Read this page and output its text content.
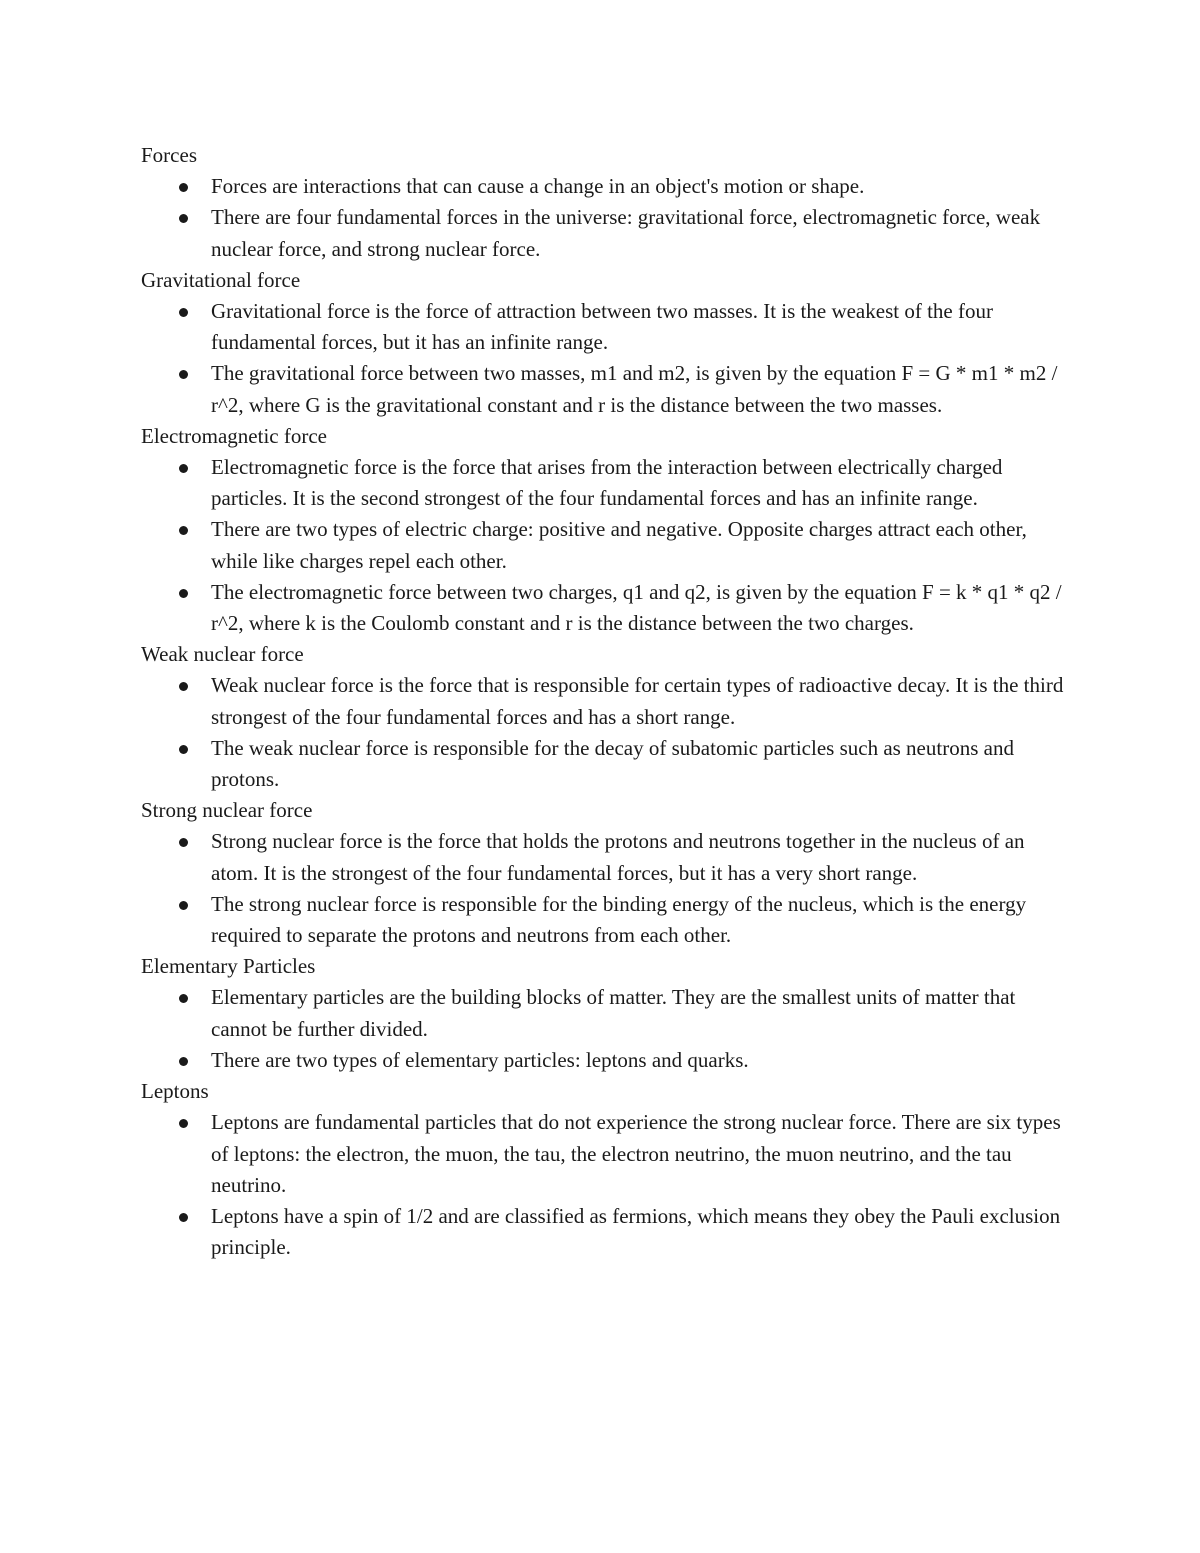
Forces

Forces are interactions that can cause a change in an object's motion or shape.
There are four fundamental forces in the universe: gravitational force, electromagnetic force, weak nuclear force, and strong nuclear force.

Gravitational force

Gravitational force is the force of attraction between two masses. It is the weakest of the four fundamental forces, but it has an infinite range.
The gravitational force between two masses, m1 and m2, is given by the equation F = G * m1 * m2 / r^2, where G is the gravitational constant and r is the distance between the two masses.

Electromagnetic force

Electromagnetic force is the force that arises from the interaction between electrically charged particles. It is the second strongest of the four fundamental forces and has an infinite range.
There are two types of electric charge: positive and negative. Opposite charges attract each other, while like charges repel each other.
The electromagnetic force between two charges, q1 and q2, is given by the equation F = k * q1 * q2 / r^2, where k is the Coulomb constant and r is the distance between the two charges.

Weak nuclear force

Weak nuclear force is the force that is responsible for certain types of radioactive decay. It is the third strongest of the four fundamental forces and has a short range.
The weak nuclear force is responsible for the decay of subatomic particles such as neutrons and protons.

Strong nuclear force

Strong nuclear force is the force that holds the protons and neutrons together in the nucleus of an atom. It is the strongest of the four fundamental forces, but it has a very short range.
The strong nuclear force is responsible for the binding energy of the nucleus, which is the energy required to separate the protons and neutrons from each other.

Elementary Particles

Elementary particles are the building blocks of matter. They are the smallest units of matter that cannot be further divided.
There are two types of elementary particles: leptons and quarks.

Leptons

Leptons are fundamental particles that do not experience the strong nuclear force. There are six types of leptons: the electron, the muon, the tau, the electron neutrino, the muon neutrino, and the tau neutrino.
Leptons have a spin of 1/2 and are classified as fermions, which means they obey the Pauli exclusion principle.
